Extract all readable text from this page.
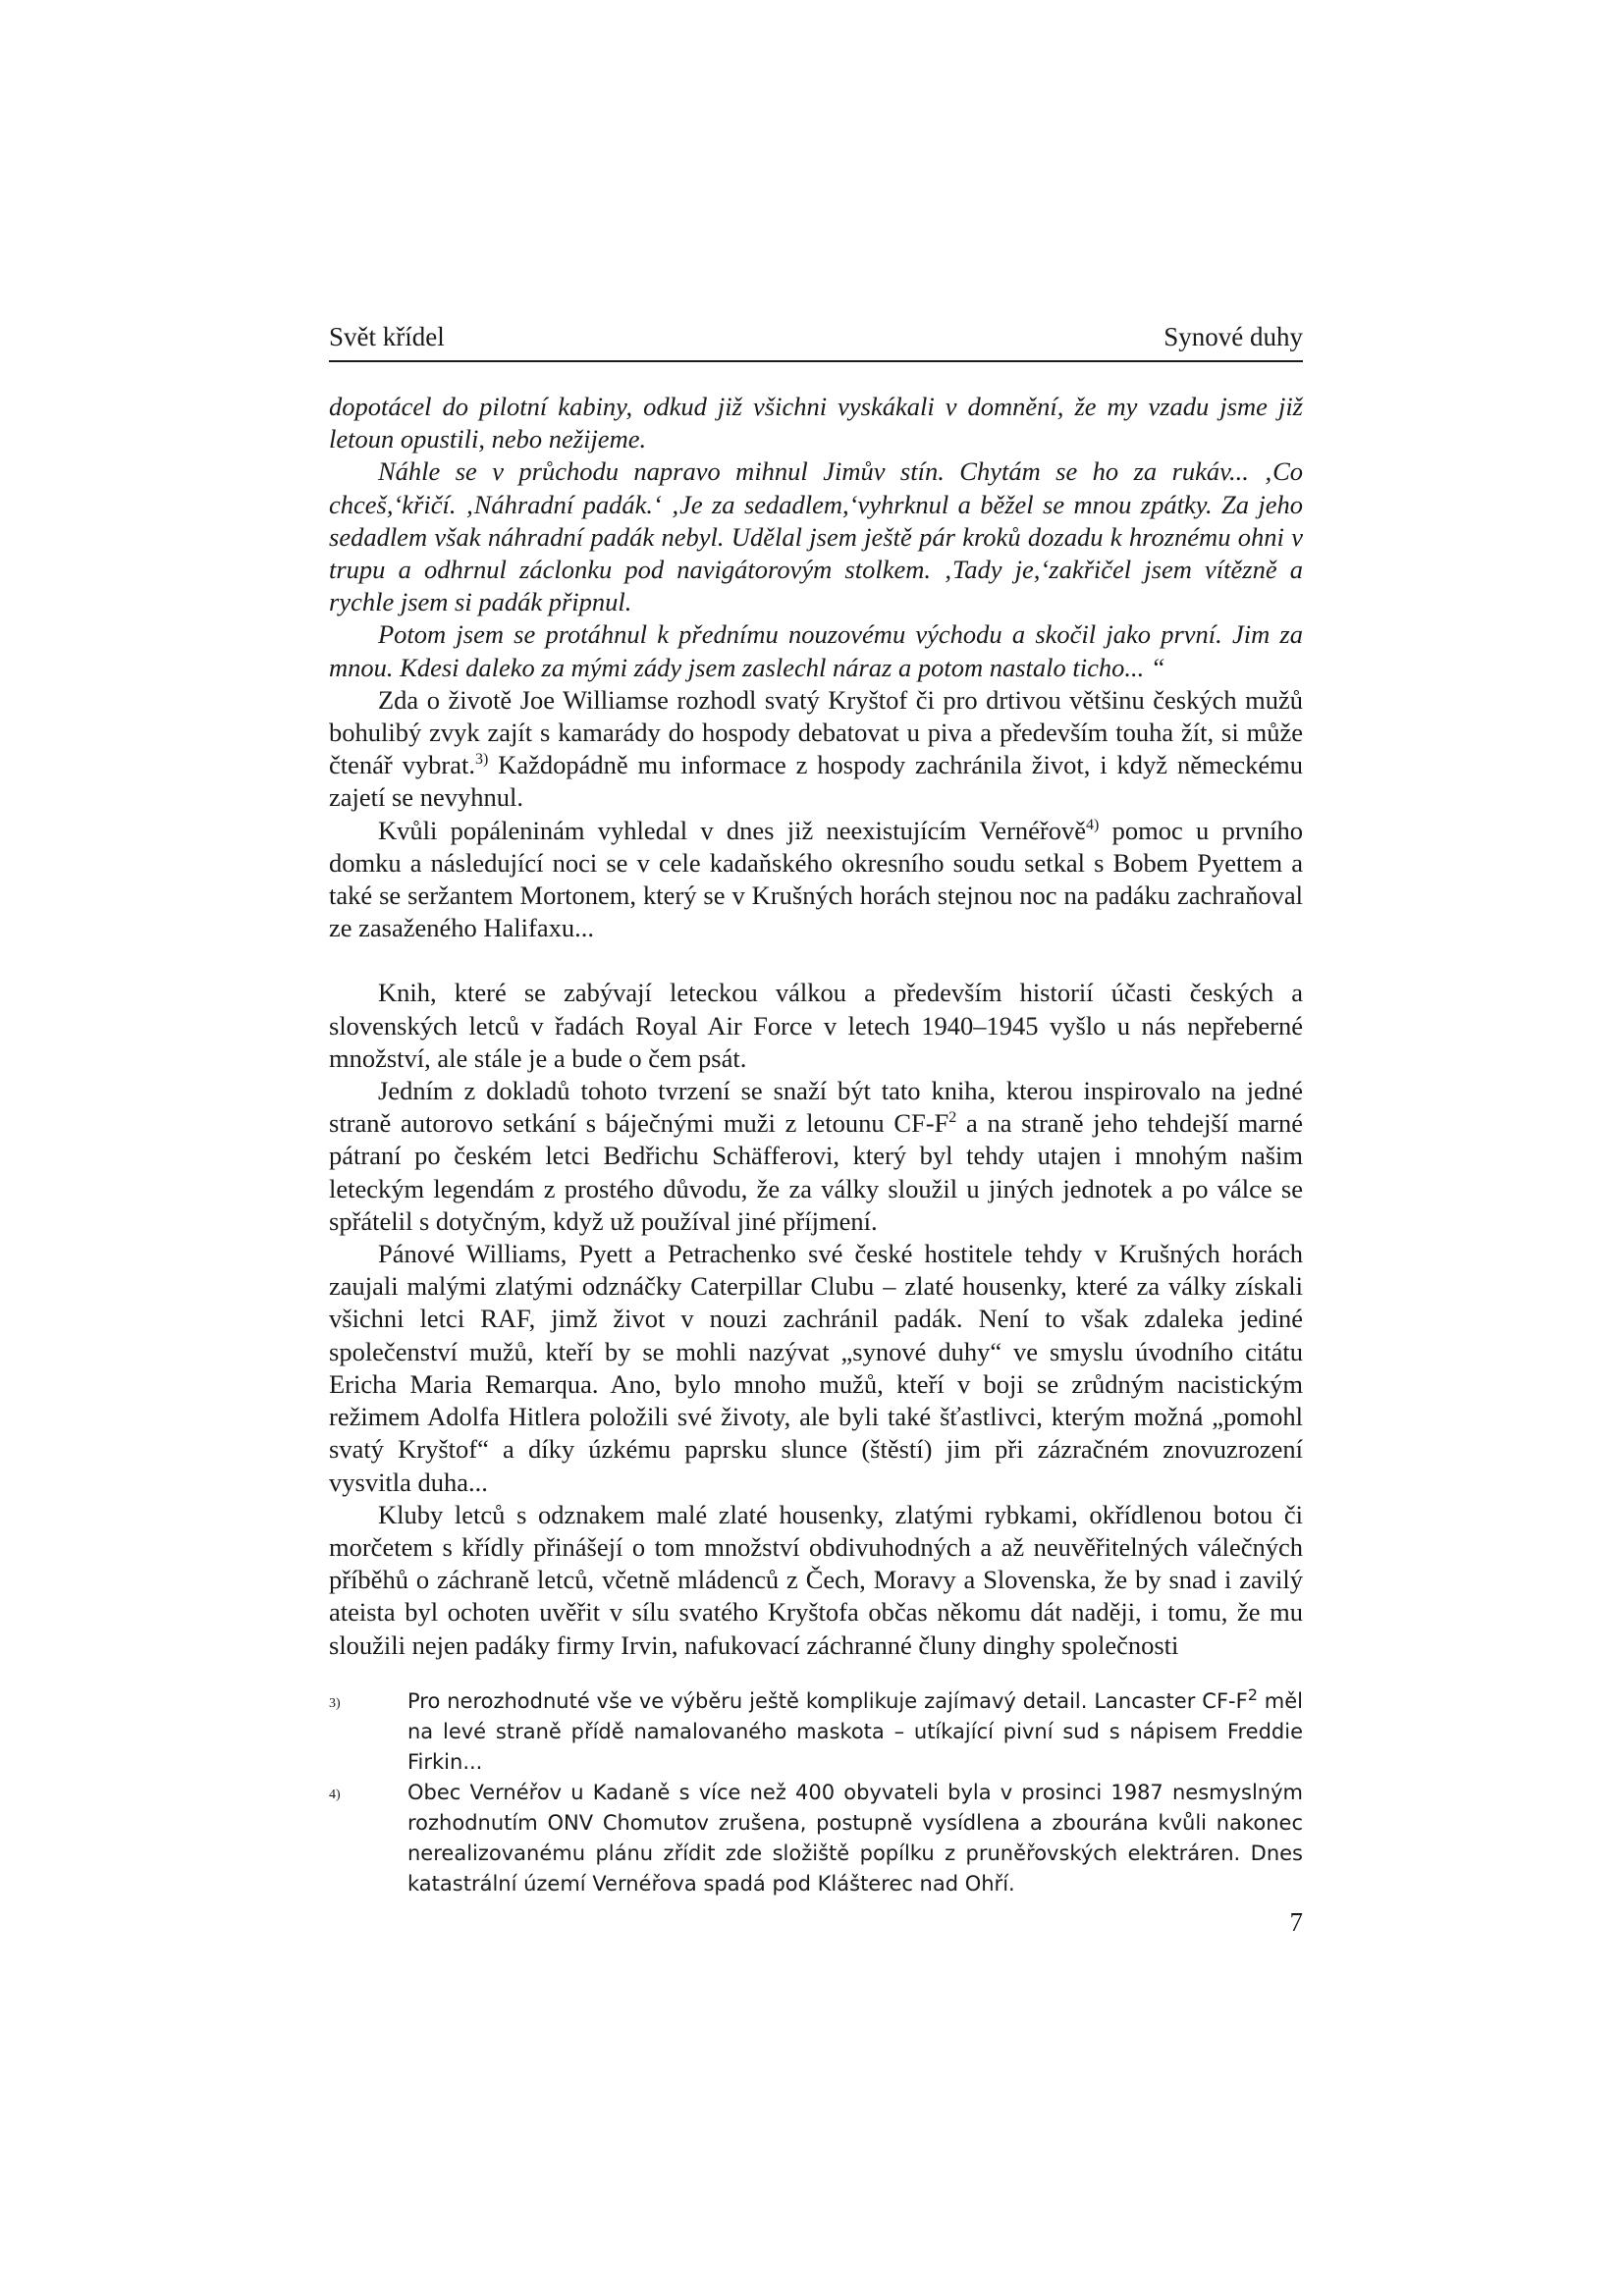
Svět křídel	Synové duhy

dopotácel do pilotní kabiny, odkud již všichni vyskákali v domnění, že my vzadu jsme již letoun opustili, nebo nežijeme.

Náhle se v průchodu napravo mihnul Jimův stín. Chytám se ho za rukáv... ‚Co chceš,‘křičí. ‚Náhradní padák.‘ ‚Je za sedadlem,‘vyhrknul a běžel se mnou zpátky. Za jeho sedadlem však náhradní padák nebyl. Udělal jsem ještě pár kroků dozadu k hroznému ohni v trupu a odhrnul záclonku pod navigátorovým stolkem. ‚Tady je,‘zakřičel jsem vítězně a rychle jsem si padák připnul.

Potom jsem se protáhnul k přednímu nouzovému východu a skočil jako první. Jim za mnou. Kdesi daleko za mými zády jsem zaslechl náraz a potom nastalo ticho... “

Zda o životě Joe Williamse rozhodl svatý Kryštof či pro drtivou většinu českých mužů bohulibý zvyk zajít s kamarády do hospody debatovat u piva a především touha žít, si může čtenář vybrat.$^{3)}$ Každopádně mu informace z hospody zachránila život, i když německému zajetí se nevyhnul.

Kvůli popáleninám vyhledal v dnes již neexistujícím Vernéřově$^{4)}$ pomoc u prvního domku a následující noci se v cele kadaňského okresního soudu setkal s Bobem Pyettem a také se seržantem Mortonem, který se v Krušných horách stejnou noc na padáku zachraňoval ze zasaženého Halifaxu...

Knih, které se zabývají leteckou válkou a především historií účasti českých a slovenských letců v řadách Royal Air Force v letech 1940–1945 vyšlo u nás nepřeberné množství, ale stále je a bude o čem psát.

Jedním z dokladů tohoto tvrzení se snaží být tato kniha, kterou inspirovalo na jedné straně autorovo setkání s báječnými muži z letounu CF-F$^2$ a na straně jeho tehdejší marné pátraní po českém letci Bedřichu Schäfferovi, který byl tehdy utajen i mnohým našim leteckým legendám z prostého důvodu, že za války sloužil u jiných jednotek a po válce se spřátelil s dotyčným, když už používal jiné příjmení.

Pánové Williams, Pyett a Petrachenko své české hostitele tehdy v Krušných horách zaujali malými zlatými odznáčky Caterpillar Clubu – zlaté housenky, které za války získali všichni letci RAF, jimž život v nouzi zachránil padák. Není to však zdaleka jediné společenství mužů, kteří by se mohli nazývat „synové duhy“ ve smyslu úvodního citátu Ericha Maria Remarqua. Ano, bylo mnoho mužů, kteří v boji se zrůdným nacistickým režimem Adolfa Hitlera položili své životy, ale byli také šťastlivci, kterým možná „pomohl svatý Kryštof“ a díky úzkému paprsku slunce (štěstí) jim při zázračném znovuzrození vysvitla duha...

Kluby letců s odznakem malé zlaté housenky, zlatými rybkami, okřídlenou botou či morčetem s křídly přinášejí o tom množství obdivuhodných a až neuvěřitelných válečných příběhů o záchraně letců, včetně mládenců z Čech, Moravy a Slovenska, že by snad i zavilý ateista byl ochoten uvěřit v sílu svatého Kryštofa občas někomu dát naději, i tomu, že mu sloužili nejen padáky firmy Irvin, nafukovací záchranné čluny dinghy společnosti

3)	Pro nerozhodnuté vše ve výběru ještě komplikuje zajímavý detail. Lancaster CF-F$^2$ měl na levé straně přídě namalovaného maskota – utíkající pivní sud s nápisem Freddie Firkin...
4)	Obec Vernéřov u Kadaně s více než 400 obyvateli byla v prosinci 1987 nesmyslným rozhodnutím ONV Chomutov zrušena, postupně vysídlena a zbourána kvůli nakonec nerealizovanému plánu zřídit zde složiště popílku z pruněřovských elektráren. Dnes katastrální území Vernéřova spadá pod Klášterec nad Ohří.
7
